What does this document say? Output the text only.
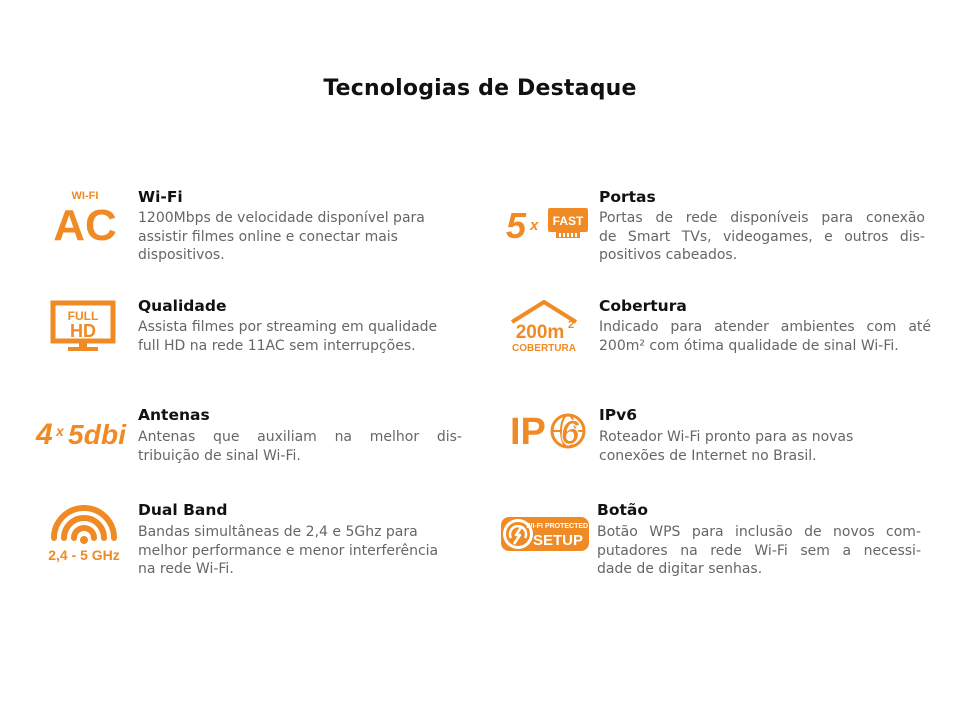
Tecnologias de Destaque
WI-FI
AC
Wi-Fi

1200Mbps de velocidade disponível para
assistir filmes online e conectar mais
dispositivos.

5 x FAST
Portas

Portas de rede disponíveis para conexão
de Smart TVs, videogames, e outros dis-
positivos cabeados.

FULL
HD
Qualidade

Assista filmes por streaming em qualidade
full HD na rede 11AC sem interrupções.

200m 2
COBERTURA
Cobertura

Indicado para atender ambientes com até
200m² com ótima qualidade de sinal Wi-Fi.

4 x 5dbi
Antenas

Antenas que auxiliam na melhor dis-
tribuição de sinal Wi-Fi.

IP 6 IPv6

Roteador Wi-Fi pronto para as novas
conexões de Internet no Brasil.

2,4 - 5 GHz
Dual Band

Bandas simultâneas de 2,4 e 5Ghz para
melhor performance e menor interferência
na rede Wi-Fi.

WI-FI PROTECTED
SETUP
Botão

Botão WPS para inclusão de novos com-
putadores na rede Wi-Fi sem a necessi-
dade de digitar senhas.
